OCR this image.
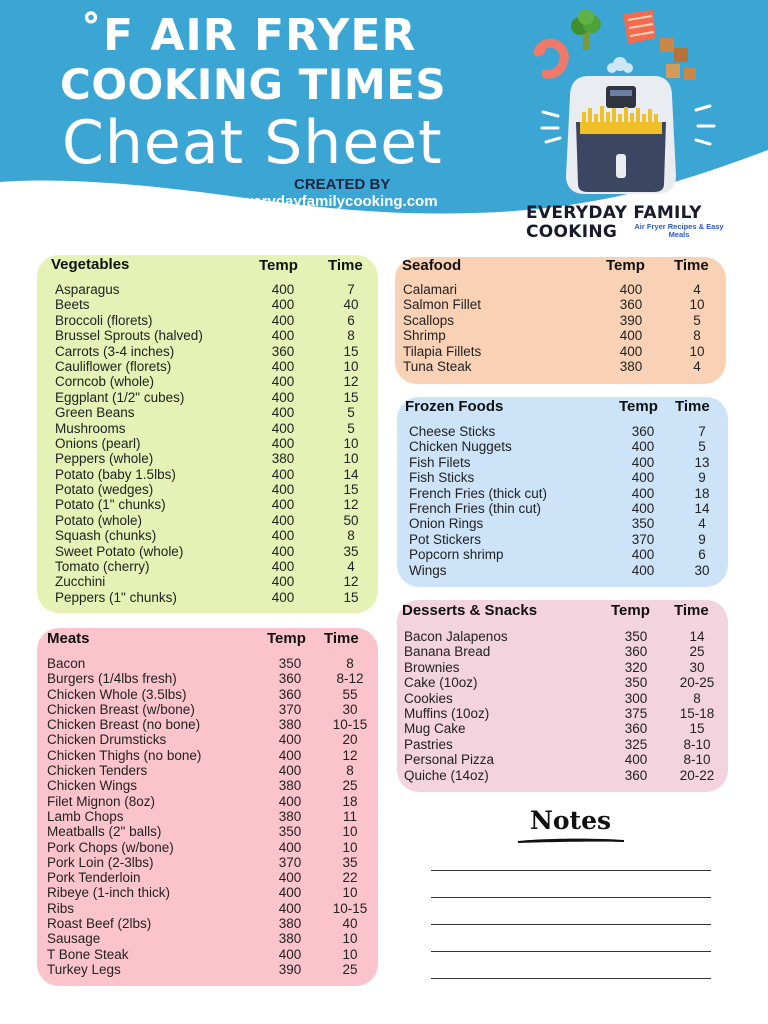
˚F AIR FRYER
COOKING TIMES
Cheat Sheet
CREATED BY
www.everydayfamilycooking.com
EVERYDAY FAMILY
COOKING Air Fryer Recipes & Easy Meals
Vegetables	Temp Time
Asparagus	400	7
Beets	400	40
Broccoli (florets)	400	6
Brussel Sprouts (halved)	400	8
Carrots (3-4 inches)	360	15
Cauliflower (florets)	400	10
Corncob (whole)	400	12
Eggplant (1/2" cubes)	400	15
Green Beans	400	5
Mushrooms	400	5
Onions (pearl)	400	10
Peppers (whole)	380	10
Potato (baby 1.5lbs)	400	14
Potato (wedges)	400	15
Potato (1" chunks)	400	12
Potato (whole)	400	50
Squash (chunks)	400	8
Sweet Potato (whole)	400	35
Tomato (cherry)	400	4
Zucchini	400	12
Peppers (1" chunks)	400	15
Meats	Temp Time
Bacon	350	8
Burgers (1/4lbs fresh)	360	8-12
Chicken Whole (3.5lbs)	360	55
Chicken Breast (w/bone)	370	30
Chicken Breast (no bone)	380	10-15
Chicken Drumsticks	400	20
Chicken Thighs (no bone)	400	12
Chicken Tenders	400	8
Chicken Wings	380	25
Filet Mignon (8oz)	400	18
Lamb Chops	380	11
Meatballs (2" balls)	350	10
Pork Chops (w/bone)	400	10
Pork Loin (2-3lbs)	370	35
Pork Tenderloin	400	22
Ribeye (1-inch thick)	400	10
Ribs	400	10-15
Roast Beef (2lbs)	380	40
Sausage	380	10
T Bone Steak	400	10
Turkey Legs	390	25
Seafood	Temp Time
Calamari	400	4
Salmon Fillet	360	10
Scallops	390	5
Shrimp	400	8
Tilapia Fillets	400	10
Tuna Steak	380	4
Frozen Foods	Temp Time
Cheese Sticks	360	7
Chicken Nuggets	400	5
Fish Filets	400	13
Fish Sticks	400	9
French Fries (thick cut)	400	18
French Fries (thin cut)	400	14
Onion Rings	350	4
Pot Stickers	370	9
Popcorn shrimp	400	6
Wings	400	30
Desserts & Snacks	Temp Time
Bacon Jalapenos	350	14
Banana Bread	360	25
Brownies	320	30
Cake (10oz)	350	20-25
Cookies	300	8
Muffins (10oz)	375	15-18
Mug Cake	360	15
Pastries	325	8-10
Personal Pizza	400	8-10
Quiche (14oz)	360	20-22
Notes
